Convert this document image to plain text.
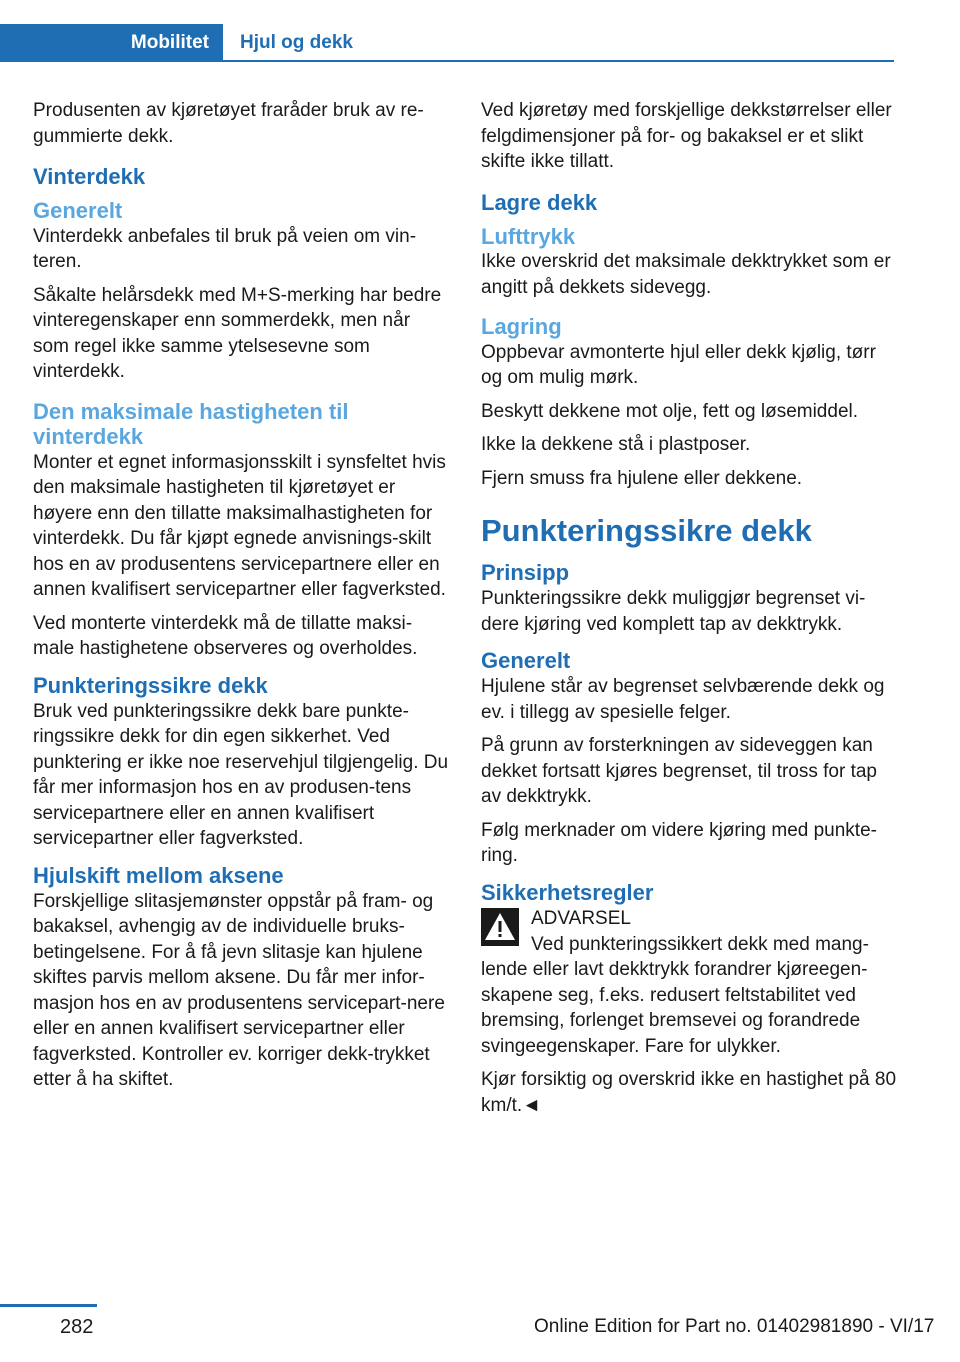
Mobilitet	Hjul og dekk

Produsenten av kjøretøyet fraråder bruk av re-gummierte dekk.

Vinterdekk
Generelt

Vinterdekk anbefales til bruk på veien om vin-teren.

Såkalte helårsdekk med M+S-merking har bedre vinteregenskaper enn sommerdekk, men når som regel ikke samme ytelsesevne som vinterdekk.

Den maksimale hastigheten til vinterdekk

Monter et egnet informasjonsskilt i synsfeltet hvis den maksimale hastigheten til kjøretøyet er høyere enn den tillatte maksimalhastigheten for vinterdekk. Du får kjøpt egnede anvisnings-skilt hos en av produsentens servicepartnere eller en annen kvalifisert servicepartner eller fagverksted.

Ved monterte vinterdekk må de tillatte maksi-male hastighetene observeres og overholdes.

Punkteringssikre dekk

Bruk ved punkteringssikre dekk bare punkte-ringssikre dekk for din egen sikkerhet. Ved punktering er ikke noe reservehjul tilgjengelig. Du får mer informasjon hos en av produsen-tens servicepartnere eller en annen kvalifisert servicepartner eller fagverksted.

Hjulskift mellom aksene

Forskjellige slitasjemønster oppstår på fram- og bakaksel, avhengig av de individuelle bruks-betingelsene. For å få jevn slitasje kan hjulene skiftes parvis mellom aksene. Du får mer infor-masjon hos en av produsentens servicepart-nere eller en annen kvalifisert servicepartner eller fagverksted. Kontroller ev. korriger dekk-trykket etter å ha skiftet.

Ved kjøretøy med forskjellige dekkstørrelser eller felgdimensjoner på for- og bakaksel er et slikt skifte ikke tillatt.

Lagre dekk
Lufttrykk

Ikke overskrid det maksimale dekktrykket som er angitt på dekkets sidevegg.

Lagring

Oppbevar avmonterte hjul eller dekk kjølig, tørr og om mulig mørk.

Beskytt dekkene mot olje, fett og løsemiddel.

Ikke la dekkene stå i plastposer.

Fjern smuss fra hjulene eller dekkene.

Punkteringssikre dekk
Prinsipp

Punkteringssikre dekk muliggjør begrenset vi-dere kjøring ved komplett tap av dekktrykk.

Generelt

Hjulene står av begrenset selvbærende dekk og ev. i tillegg av spesielle felger.

På grunn av forsterkningen av sideveggen kan dekket fortsatt kjøres begrenset, til tross for tap av dekktrykk.

Følg merknader om videre kjøring med punkte-ring.

Sikkerhetsregler
ADVARSEL

Ved punkteringssikkert dekk med mang-lende eller lavt dekktrykk forandrer kjøreegen-skapene seg, f.eks. redusert feltstabilitet ved bremsing, forlenget bremsevei og forandrede svingeegenskaper. Fare for ulykker.

Kjør forsiktig og overskrid ikke en hastighet på 80 km/t.◄

282	Online Edition for Part no. 01402981890 - VI/17
